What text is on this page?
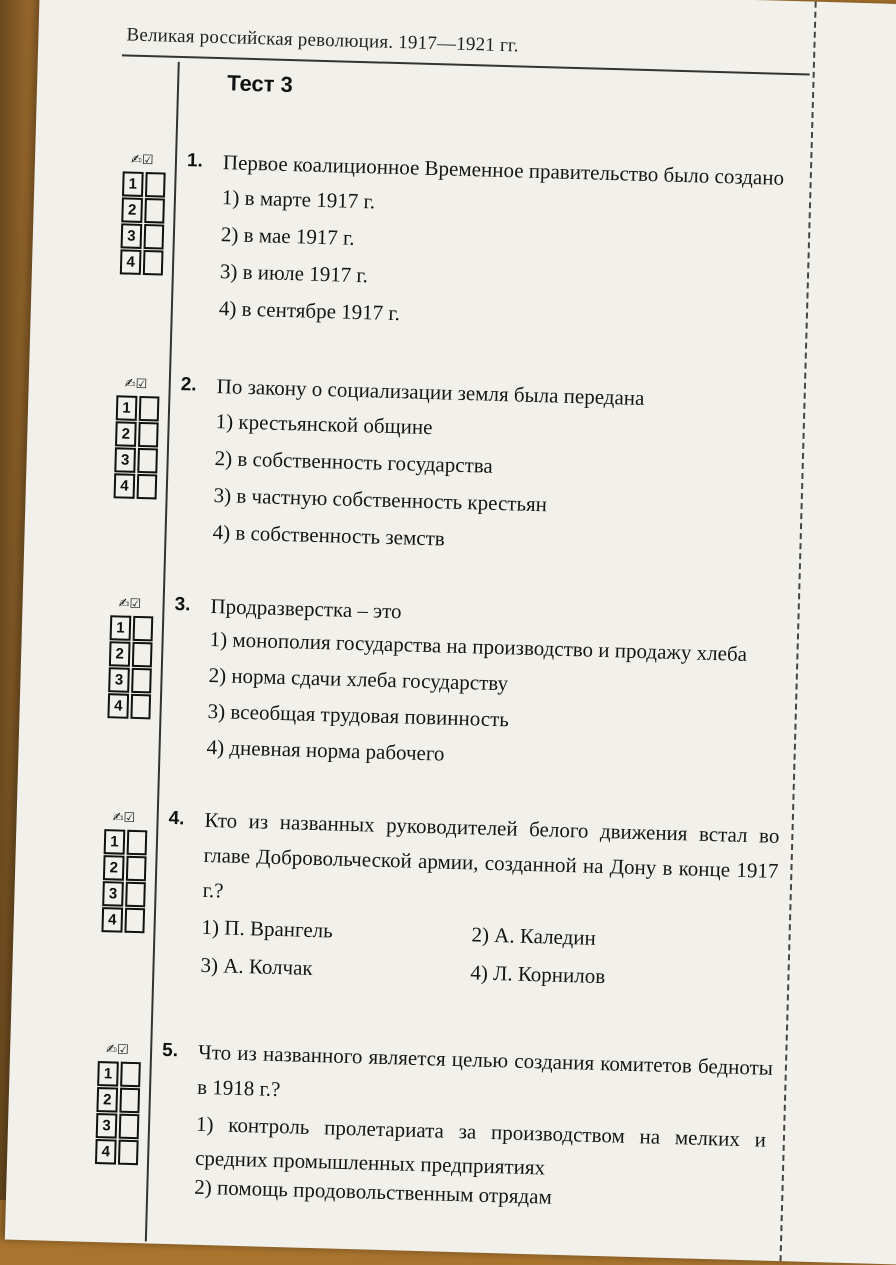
Великая российская революция. 1917—1921 гг.
Тест 3
✍☑
1
2
3
4
1. Первое коалиционное Временное правительство было создано
1) в марте 1917 г.
2) в мае 1917 г.
3) в июле 1917 г.
4) в сентябре 1917 г.
✍☑
1
2
3
4
2. По закону о социализации земля была передана
1) крестьянской общине
2) в собственность государства
3) в частную собственность крестьян
4) в собственность земств
✍☑
1
2
3
4
3. Продразверстка – это
1) монополия государства на производство и продажу хлеба
2) норма сдачи хлеба государству
3) всеобщая трудовая повинность
4) дневная норма рабочего
✍☑
1
2
3
4
4. Кто из названных руководителей белого движения встал во главе Добровольческой армии, созданной на Дону в конце 1917 г.?
1) П. Врангель	2) А. Каледин
3) А. Колчак	4) Л. Корнилов
✍☑
1
2
3
4
5. Что из названного является целью создания комитетов бедноты в 1918 г.?
1) контроль пролетариата за производством на мелких и средних промышленных предприятиях
2) помощь продовольственным отрядам
